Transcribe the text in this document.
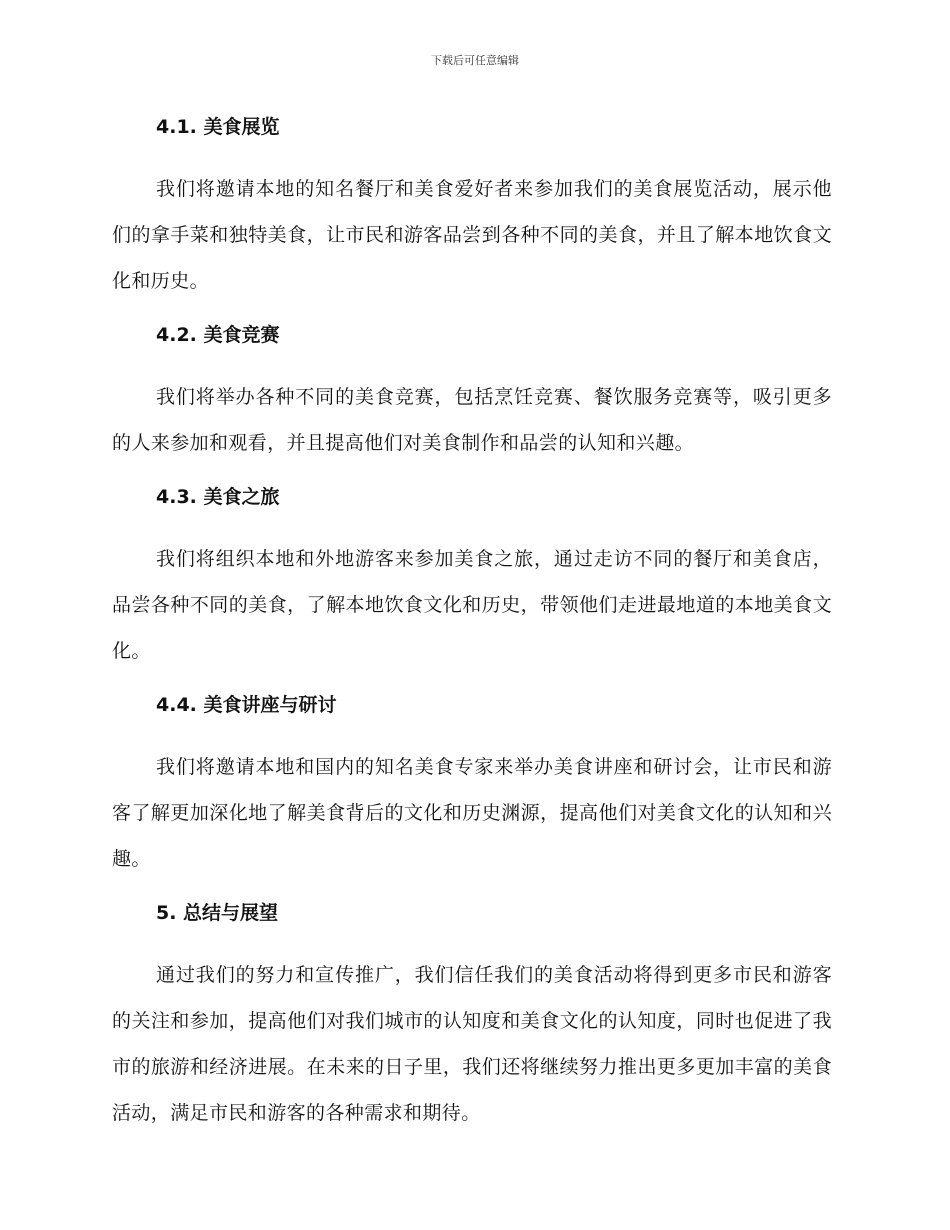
下载后可任意编辑
4.1. 美食展览

我们将邀请本地的知名餐厅和美食爱好者来参加我们的美食展览活动，展示他们的拿手菜和独特美食，让市民和游客品尝到各种不同的美食，并且了解本地饮食文化和历史。

4.2. 美食竞赛

我们将举办各种不同的美食竞赛，包括烹饪竞赛、餐饮服务竞赛等，吸引更多的人来参加和观看，并且提高他们对美食制作和品尝的认知和兴趣。

4.3. 美食之旅

我们将组织本地和外地游客来参加美食之旅，通过走访不同的餐厅和美食店，品尝各种不同的美食，了解本地饮食文化和历史，带领他们走进最地道的本地美食文化。

4.4. 美食讲座与研讨

我们将邀请本地和国内的知名美食专家来举办美食讲座和研讨会，让市民和游客了解更加深化地了解美食背后的文化和历史渊源，提高他们对美食文化的认知和兴趣。

5. 总结与展望

通过我们的努力和宣传推广，我们信任我们的美食活动将得到更多市民和游客的关注和参加，提高他们对我们城市的认知度和美食文化的认知度，同时也促进了我市的旅游和经济进展。在未来的日子里，我们还将继续努力推出更多更加丰富的美食活动，满足市民和游客的各种需求和期待。
